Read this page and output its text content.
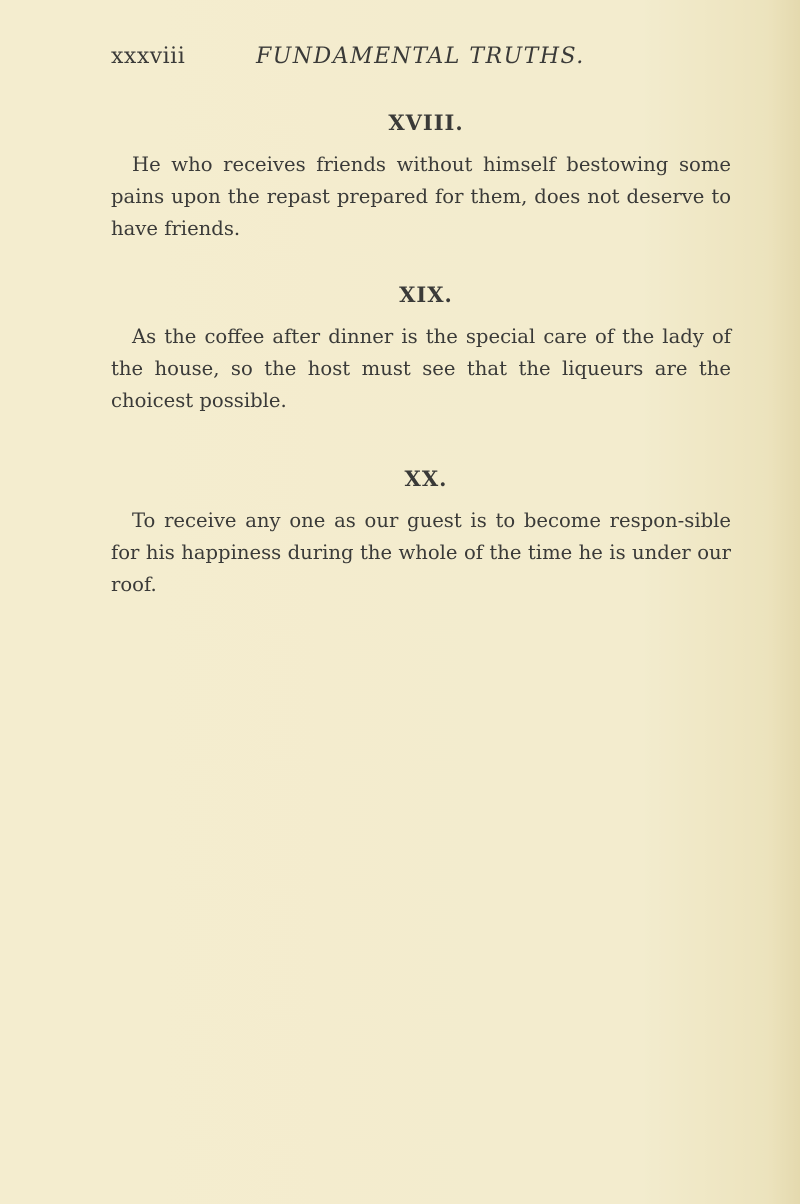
xxxviii	FUNDAMENTAL TRUTHS.
XVIII.

He who receives friends without himself bestowing some pains upon the repast prepared for them, does not deserve to have friends.

XIX.

As the coffee after dinner is the special care of the lady of the house, so the host must see that the liqueurs are the choicest possible.

XX.

To receive any one as our guest is to become respon-sible for his happiness during the whole of the time he is under our roof.
